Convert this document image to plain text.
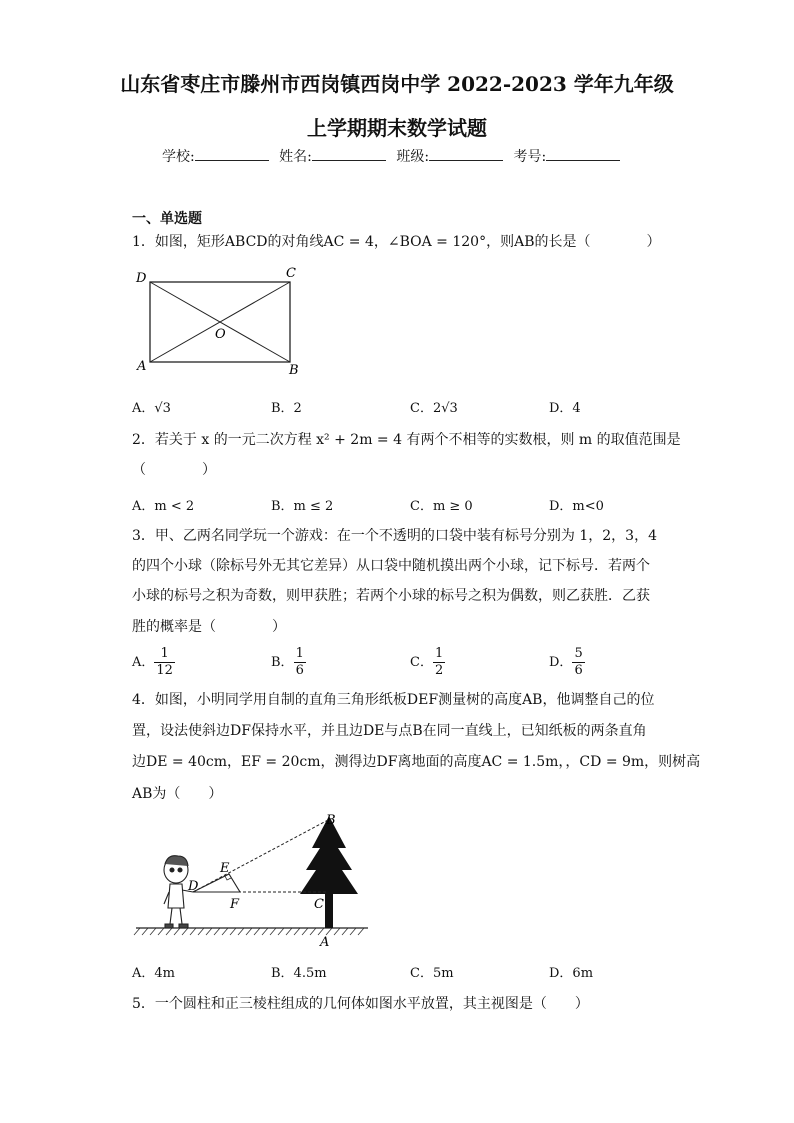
山东省枣庄市滕州市西岗镇西岗中学 2022-2023 学年九年级
上学期期末数学试题
学校:	姓名:	班级:	考号:
一、单选题
1．如图，矩形ABCD的对角线AC = 4，∠BOA = 120°，则AB的长是（　　　　）
D	C
O
A	B
A．√3	B．2	C．2√3	D．4
2．若关于 x 的一元二次方程 x² + 2m = 4 有两个不相等的实数根，则 m 的取值范围是
（　　　　）
A．m < 2	B．m ≤ 2	C．m ≥ 0	D．m<0
3．甲、乙两名同学玩一个游戏：在一个不透明的口袋中装有标号分别为 1，2，3，4
的四个小球（除标号外无其它差异）从口袋中随机摸出两个小球，记下标号．若两个
小球的标号之积为奇数，则甲获胜；若两个小球的标号之积为偶数，则乙获胜．乙获
胜的概率是（　　　　）
A． $\frac{1}{12}$	B． $\frac{1}{6}$	C． $\frac{1}{2}$	D． $\frac{5}{6}$
4．如图，小明同学用自制的直角三角形纸板DEF测量树的高度AB，他调整自己的位
置，设法使斜边DF保持水平，并且边DE与点B在同一直线上，已知纸板的两条直角
边DE = 40cm，EF = 20cm，测得边DF离地面的高度AC = 1.5m，，CD = 9m，则树高
AB为（　　）
B
E
D
F	C
A
A．4m	B．4.5m	C．5m	D．6m
5．一个圆柱和正三棱柱组成的几何体如图水平放置，其主视图是（　　）
